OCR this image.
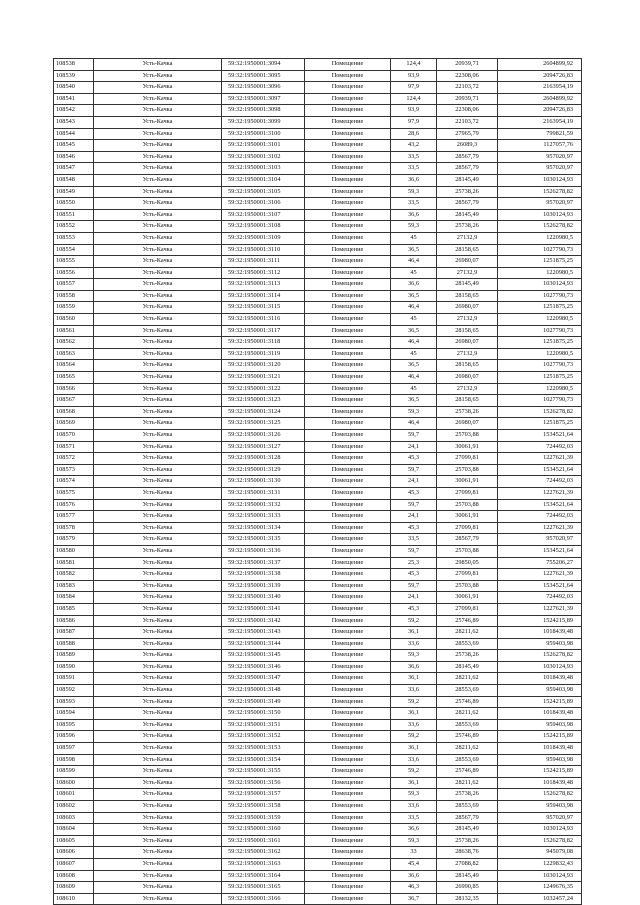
108538	Усть-Качка	59:32:1950001:3094	Помещение	124,4	20939,71	2604899,92
108539	Усть-Качка	59:32:1950001:3095	Помещение	93,9	22308,06	2094726,83
108540	Усть-Качка	59:32:1950001:3096	Помещение	97,9	22103,72	2163954,19
108541	Усть-Качка	59:32:1950001:3097	Помещение	124,4	20939,71	2604899,92
108542	Усть-Качка	59:32:1950001:3098	Помещение	93,9	22308,06	2094726,83
108543	Усть-Качка	59:32:1950001:3099	Помещение	97,9	22103,72	2163954,19
108544	Усть-Качка	59:32:1950001:3100	Помещение	28,6	27965,79	799821,59
108545	Усть-Качка	59:32:1950001:3101	Помещение	43,2	26089,3	1127057,76
108546	Усть-Качка	59:32:1950001:3102	Помещение	33,5	28567,79	957020,97
108547	Усть-Качка	59:32:1950001:3103	Помещение	33,5	28567,79	957020,97
108548	Усть-Качка	59:32:1950001:3104	Помещение	36,6	28145,49	1030124,93
108549	Усть-Качка	59:32:1950001:3105	Помещение	59,3	25738,26	1526278,82
108550	Усть-Качка	59:32:1950001:3106	Помещение	33,5	28567,79	957020,97
108551	Усть-Качка	59:32:1950001:3107	Помещение	36,6	28145,49	1030124,93
108552	Усть-Качка	59:32:1950001:3108	Помещение	59,3	25738,26	1526278,82
108553	Усть-Качка	59:32:1950001:3109	Помещение	45	27132,9	1220980,5
108554	Усть-Качка	59:32:1950001:3110	Помещение	36,5	28158,65	1027790,73
108555	Усть-Качка	59:32:1950001:3111	Помещение	46,4	26980,07	1251875,25
108556	Усть-Качка	59:32:1950001:3112	Помещение	45	27132,9	1220980,5
108557	Усть-Качка	59:32:1950001:3113	Помещение	36,6	28145,49	1030124,93
108558	Усть-Качка	59:32:1950001:3114	Помещение	36,5	28158,65	1027790,73
108559	Усть-Качка	59:32:1950001:3115	Помещение	46,4	26980,07	1251875,25
108560	Усть-Качка	59:32:1950001:3116	Помещение	45	27132,9	1220980,5
108561	Усть-Качка	59:32:1950001:3117	Помещение	36,5	28158,65	1027790,73
108562	Усть-Качка	59:32:1950001:3118	Помещение	46,4	26980,07	1251875,25
108563	Усть-Качка	59:32:1950001:3119	Помещение	45	27132,9	1220980,5
108564	Усть-Качка	59:32:1950001:3120	Помещение	36,5	28158,65	1027790,73
108565	Усть-Качка	59:32:1950001:3121	Помещение	46,4	26980,07	1251875,25
108566	Усть-Качка	59:32:1950001:3122	Помещение	45	27132,9	1220980,5
108567	Усть-Качка	59:32:1950001:3123	Помещение	36,5	28158,65	1027790,73
108568	Усть-Качка	59:32:1950001:3124	Помещение	59,3	25738,26	1526278,82
108569	Усть-Качка	59:32:1950001:3125	Помещение	46,4	26980,07	1251875,25
108570	Усть-Качка	59:32:1950001:3126	Помещение	59,7	25703,88	1534521,64
108571	Усть-Качка	59:32:1950001:3127	Помещение	24,1	30061,91	724492,03
108572	Усть-Качка	59:32:1950001:3128	Помещение	45,3	27099,81	1227621,39
108573	Усть-Качка	59:32:1950001:3129	Помещение	59,7	25703,88	1534521,64
108574	Усть-Качка	59:32:1950001:3130	Помещение	24,1	30061,91	724492,03
108575	Усть-Качка	59:32:1950001:3131	Помещение	45,3	27099,81	1227621,39
108576	Усть-Качка	59:32:1950001:3132	Помещение	59,7	25703,88	1534521,64
108577	Усть-Качка	59:32:1950001:3133	Помещение	24,1	30061,91	724492,03
108578	Усть-Качка	59:32:1950001:3134	Помещение	45,3	27099,81	1227621,39
108579	Усть-Качка	59:32:1950001:3135	Помещение	33,5	28567,79	957020,97
108580	Усть-Качка	59:32:1950001:3136	Помещение	59,7	25703,88	1534521,64
108581	Усть-Качка	59:32:1950001:3137	Помещение	25,3	29850,05	755206,27
108582	Усть-Качка	59:32:1950001:3138	Помещение	45,3	27099,81	1227621,39
108583	Усть-Качка	59:32:1950001:3139	Помещение	59,7	25703,88	1534521,64
108584	Усть-Качка	59:32:1950001:3140	Помещение	24,1	30061,91	724492,03
108585	Усть-Качка	59:32:1950001:3141	Помещение	45,3	27099,81	1227621,39
108586	Усть-Качка	59:32:1950001:3142	Помещение	59,2	25746,89	1524215,89
108587	Усть-Качка	59:32:1950001:3143	Помещение	36,1	28211,62	1018439,48
108588	Усть-Качка	59:32:1950001:3144	Помещение	33,6	28553,69	959403,98
108589	Усть-Качка	59:32:1950001:3145	Помещение	59,3	25738,26	1526278,82
108590	Усть-Качка	59:32:1950001:3146	Помещение	36,6	28145,49	1030124,93
108591	Усть-Качка	59:32:1950001:3147	Помещение	36,1	28211,62	1018439,48
108592	Усть-Качка	59:32:1950001:3148	Помещение	33,6	28553,69	959403,98
108593	Усть-Качка	59:32:1950001:3149	Помещение	59,2	25746,89	1524215,89
108594	Усть-Качка	59:32:1950001:3150	Помещение	36,1	28211,62	1018439,48
108595	Усть-Качка	59:32:1950001:3151	Помещение	33,6	28553,69	959403,98
108596	Усть-Качка	59:32:1950001:3152	Помещение	59,2	25746,89	1524215,89
108597	Усть-Качка	59:32:1950001:3153	Помещение	36,1	28211,62	1018439,48
108598	Усть-Качка	59:32:1950001:3154	Помещение	33,6	28553,69	959403,98
108599	Усть-Качка	59:32:1950001:3155	Помещение	59,2	25746,89	1524215,89
108600	Усть-Качка	59:32:1950001:3156	Помещение	36,1	28211,62	1018439,48
108601	Усть-Качка	59:32:1950001:3157	Помещение	59,3	25738,26	1526278,82
108602	Усть-Качка	59:32:1950001:3158	Помещение	33,6	28553,69	959403,98
108603	Усть-Качка	59:32:1950001:3159	Помещение	33,5	28567,79	957020,97
108604	Усть-Качка	59:32:1950001:3160	Помещение	36,6	28145,49	1030124,93
108605	Усть-Качка	59:32:1950001:3161	Помещение	59,3	25738,26	1526278,82
108606	Усть-Качка	59:32:1950001:3162	Помещение	33	28638,76	945079,08
108607	Усть-Качка	59:32:1950001:3163	Помещение	45,4	27088,82	1229832,43
108608	Усть-Качка	59:32:1950001:3164	Помещение	36,6	28145,49	1030124,93
108609	Усть-Качка	59:32:1950001:3165	Помещение	46,3	26990,85	1249676,35
108610	Усть-Качка	59:32:1950001:3166	Помещение	36,7	28132,35	1032457,24
